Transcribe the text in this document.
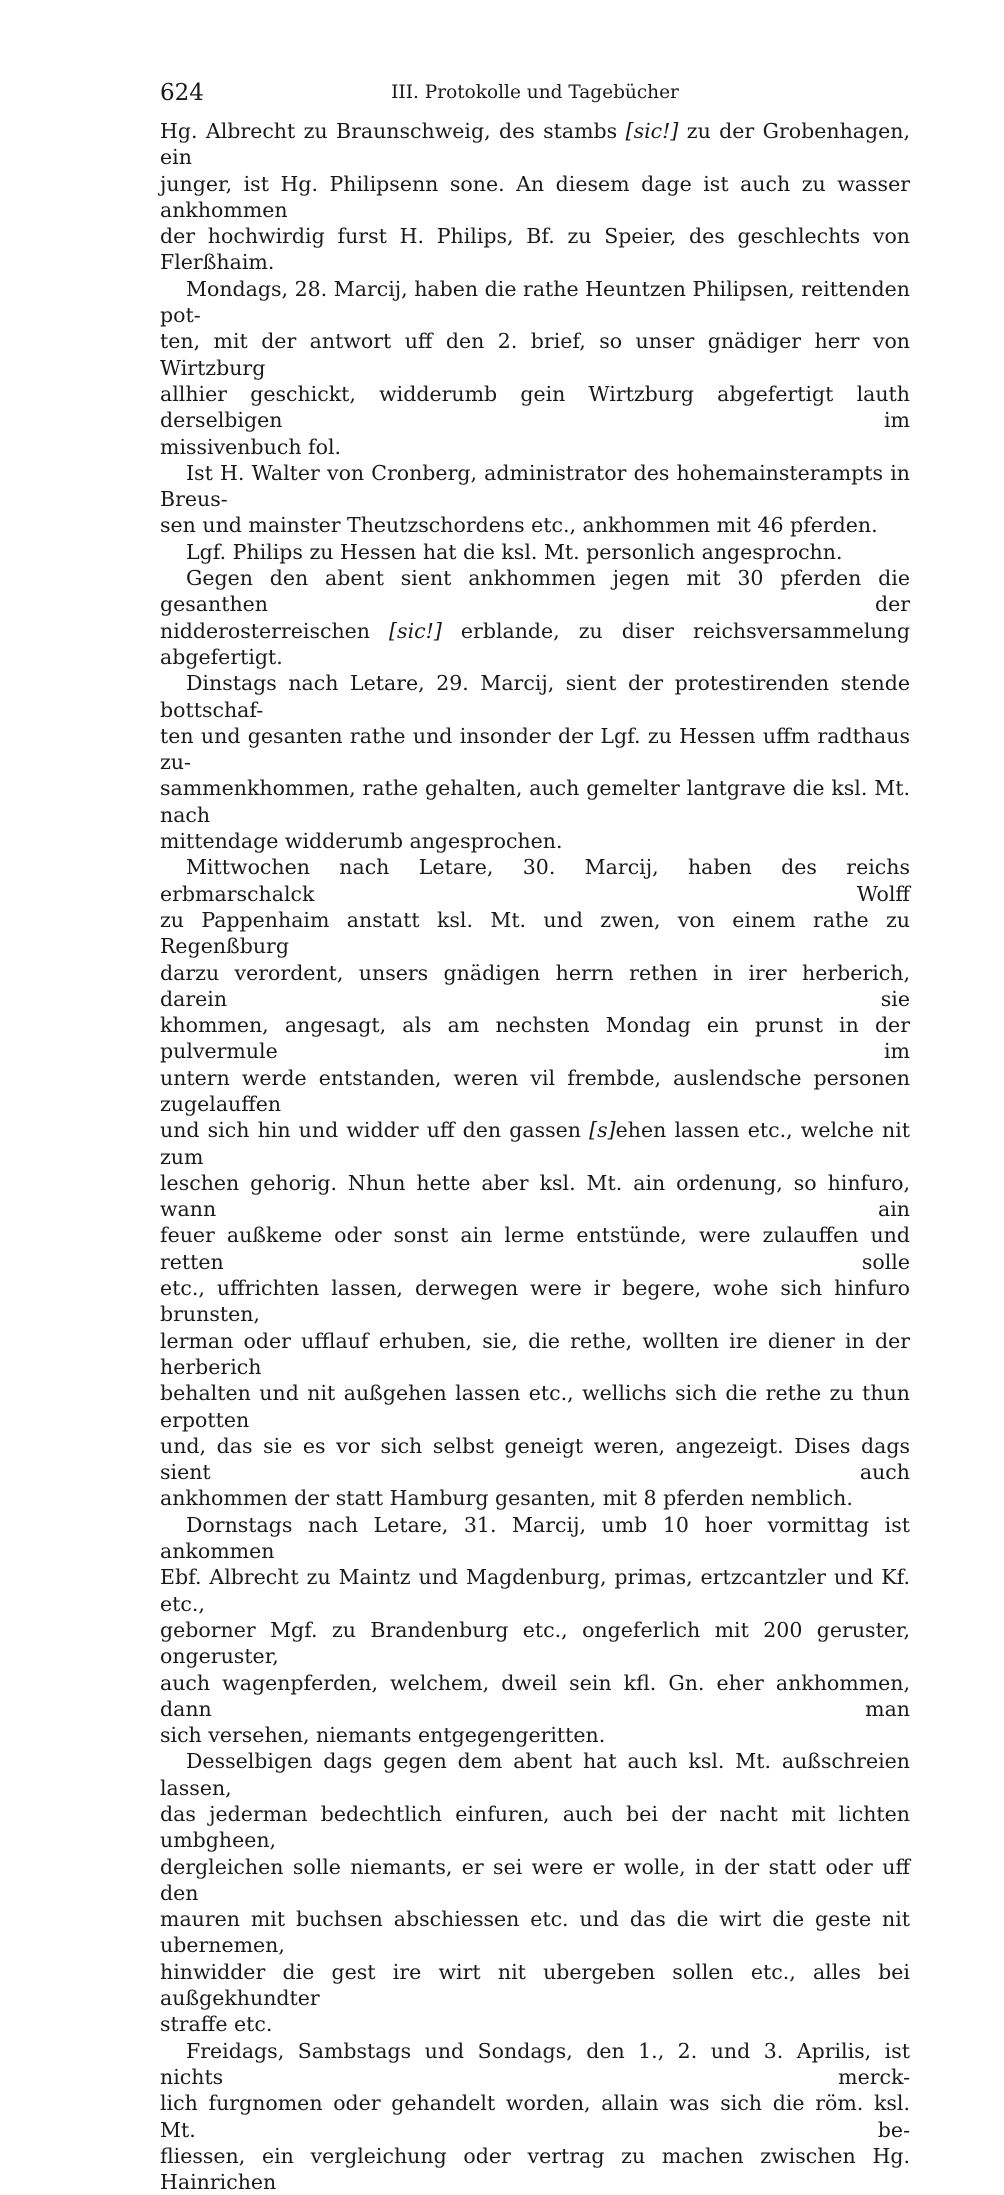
624	III. Protokolle und Tagebücher
Hg. Albrecht zu Braunschweig, des stambs [sic!] zu der Grobenhagen, ein
junger, ist Hg. Philipsenn sone. An diesem dage ist auch zu wasser ankhommen
der hochwirdig furst H. Philips, Bf. zu Speier, des geschlechts von Flerßhaim.
Mondags, 28. Marcij, haben die rathe Heuntzen Philipsen, reittenden pot-
ten, mit der antwort uff den 2. brief, so unser gnädiger herr von Wirtzburg
allhier geschickt, widderumb gein Wirtzburg abgefertigt lauth derselbigen im
missivenbuch fol.
Ist H. Walter von Cronberg, administrator des hohemainsterampts in Breus-
sen und mainster Theutzschordens etc., ankhommen mit 46 pferden.
Lgf. Philips zu Hessen hat die ksl. Mt. personlich angesprochn.
Gegen den abent sient ankhommen jegen mit 30 pferden die gesanthen der
nidderosterreischen [sic!] erblande, zu diser reichsversammelung abgefertigt.
Dinstags nach Letare, 29. Marcij, sient der protestirenden stende bottschaf-
ten und gesanten rathe und insonder der Lgf. zu Hessen uffm radthaus zu-
sammenkhommen, rathe gehalten, auch gemelter lantgrave die ksl. Mt. nach
mittendage widderumb angesprochen.
Mittwochen nach Letare, 30. Marcij, haben des reichs erbmarschalck Wolff
zu Pappenhaim anstatt ksl. Mt. und zwen, von einem rathe zu Regenßburg
darzu verordent, unsers gnädigen herrn rethen in irer herberich, darein sie
khommen, angesagt, als am nechsten Mondag ein prunst in der pulvermule im
untern werde entstanden, weren vil frembde, auslendsche personen zugelauffen
und sich hin und widder uff den gassen [s]ehen lassen etc., welche nit zum
leschen gehorig. Nhun hette aber ksl. Mt. ain ordenung, so hinfuro, wann ain
feuer außkeme oder sonst ain lerme entstünde, were zulauffen und retten solle
etc., uffrichten lassen, derwegen were ir begere, wohe sich hinfuro brunsten,
lerman oder ufflauf erhuben, sie, die rethe, wollten ire diener in der herberich
behalten und nit außgehen lassen etc., wellichs sich die rethe zu thun erpotten
und, das sie es vor sich selbst geneigt weren, angezeigt. Dises dags sient auch
ankhommen der statt Hamburg gesanten, mit 8 pferden nemblich.
Dornstags nach Letare, 31. Marcij, umb 10 hoer vormittag ist ankommen
Ebf. Albrecht zu Maintz und Magdenburg, primas, ertzcantzler und Kf. etc.,
geborner Mgf. zu Brandenburg etc., ongeferlich mit 200 geruster, ongeruster,
auch wagenpferden, welchem, dweil sein kfl. Gn. eher ankhommen, dann man
sich versehen, niemants entgegengeritten.
Desselbigen dags gegen dem abent hat auch ksl. Mt. außschreien lassen,
das jederman bedechtlich einfuren, auch bei der nacht mit lichten umbgheen,
dergleichen solle niemants, er sei were er wolle, in der statt oder uff den
mauren mit buchsen abschiessen etc. und das die wirt die geste nit ubernemen,
hinwidder die gest ire wirt nit ubergeben sollen etc., alles bei außgekhundter
straffe etc.
Freidags, Sambstags und Sondags, den 1., 2. und 3. Aprilis, ist nichts merck-
lich furgnomen oder gehandelt worden, allain was sich die röm. ksl. Mt. be-
fliessen, ein vergleichung oder vertrag zu machen zwischen Hg. Hainrichen
